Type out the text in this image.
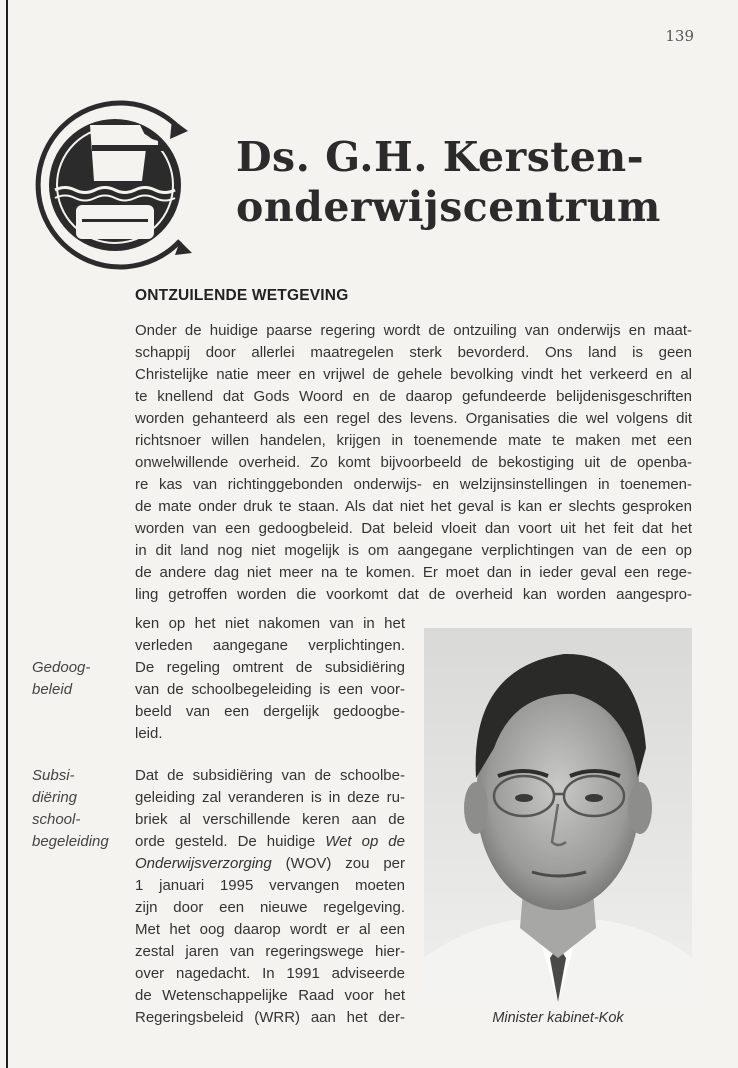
139
Ds. G.H. Kersten-
onderwijscentrum
ONTZUILENDE WETGEVING
Onder de huidige paarse regering wordt de ontzuiling van onderwijs en maat-
schappij door allerlei maatregelen sterk bevorderd. Ons land is geen
Christelijke natie meer en vrijwel de gehele bevolking vindt het verkeerd en al
te knellend dat Gods Woord en de daarop gefundeerde belijdenisgeschriften
worden gehanteerd als een regel des levens. Organisaties die wel volgens dit
richtsnoer willen handelen, krijgen in toenemende mate te maken met een
onwelwillende overheid. Zo komt bijvoorbeeld de bekostiging uit de openba-
re kas van richtinggebonden onderwijs- en welzijnsinstellingen in toenemen-
de mate onder druk te staan. Als dat niet het geval is kan er slechts gesproken
worden van een gedoogbeleid. Dat beleid vloeit dan voort uit het feit dat het
in dit land nog niet mogelijk is om aangegane verplichtingen van de een op
de andere dag niet meer na te komen. Er moet dan in ieder geval een rege-
ling getroffen worden die voorkomt dat de overheid kan worden aangespro-
ken op het niet nakomen van in het
verleden aangegane verplichtingen.
De regeling omtrent de subsidiëring
van de schoolbegeleiding is een voor-
beeld van een dergelijk gedoogbe-
leid.
Dat de subsidiëring van de schoolbe-
geleiding zal veranderen is in deze ru-
briek al verschillende keren aan de
orde gesteld. De huidige Wet op de
Onderwijsverzorging (WOV) zou per
1 januari 1995 vervangen moeten
zijn door een nieuwe regelgeving.
Met het oog daarop wordt er al een
zestal jaren van regeringswege hier-
over nagedacht. In 1991 adviseerde
de Wetenschappelijke Raad voor het
Regeringsbeleid (WRR) aan het der-
Gedoog-
beleid
Subsi-
diëring
school-
begeleiding
Minister kabinet-Kok
